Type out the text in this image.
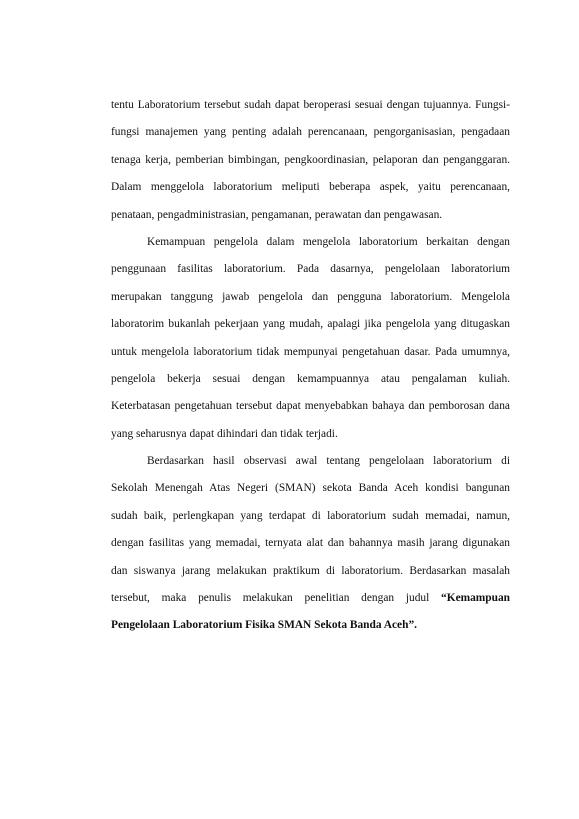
tentu Laboratorium tersebut sudah dapat beroperasi sesuai dengan tujuannya. Fungsi-
fungsi manajemen yang penting adalah perencanaan, pengorganisasian, pengadaan
tenaga kerja, pemberian bimbingan, pengkoordinasian, pelaporan dan penganggaran.
Dalam menggelola laboratorium meliputi beberapa aspek, yaitu perencanaan,
penataan, pengadministrasian, pengamanan, perawatan dan pengawasan.
Kemampuan pengelola dalam mengelola laboratorium berkaitan dengan
penggunaan fasilitas laboratorium. Pada dasarnya, pengelolaan laboratorium
merupakan tanggung jawab pengelola dan pengguna laboratorium. Mengelola
laboratorim bukanlah pekerjaan yang mudah, apalagi jika pengelola yang ditugaskan
untuk mengelola laboratorium tidak mempunyai pengetahuan dasar. Pada umumnya,
pengelola bekerja sesuai dengan kemampuannya atau pengalaman kuliah.
Keterbatasan pengetahuan tersebut dapat menyebabkan bahaya dan pemborosan dana
yang seharusnya dapat dihindari dan tidak terjadi.
Berdasarkan hasil observasi awal tentang pengelolaan laboratorium di
Sekolah Menengah Atas Negeri (SMAN) sekota Banda Aceh kondisi bangunan
sudah baik, perlengkapan yang terdapat di laboratorium sudah memadai, namun,
dengan fasilitas yang memadai, ternyata alat dan bahannya masih jarang digunakan
dan siswanya jarang melakukan praktikum di laboratorium. Berdasarkan masalah
tersebut, maka penulis melakukan penelitian dengan judul “Kemampuan
Pengelolaan Laboratorium Fisika SMAN Sekota Banda Aceh”.
